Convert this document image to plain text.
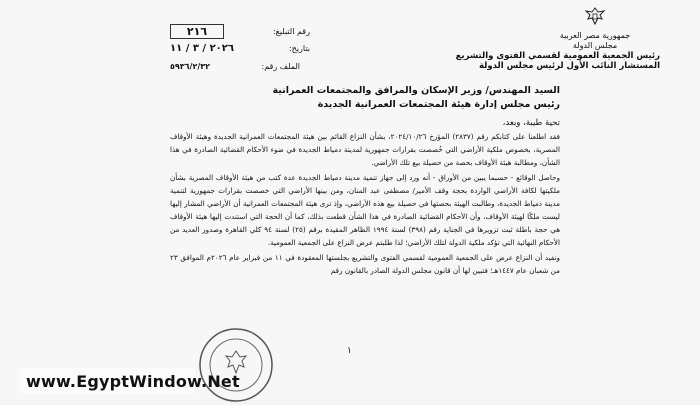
جمهورية مصر العربية
مجلس الدولة
رئيس الجمعية العمومية لقسمي الفتوى والتشريع
المستشار النائب الأول لرئيس مجلس الدولة
رقم التبليغ:
٢١٦
بتاريخ:
٢٠٢٦ / ٣ / ١١
الملف رقم:
٥٩٣٦/٢/٣٢
السيد المهندس/ وزير الإسكان والمرافق والمجتمعات العمرانية
رئيس مجلس إدارة هيئة المجتمعات العمرانية الجديدة
تحية طيبة، وبعد،

فقد اطلعنا على كتابكم رقم (٢٨٣٧) المؤرخ ٢٠٢٤/١٠/٢٦، بشأن النزاع القائم بين هيئة المجتمعات العمرانية الجديدة وهيئة الأوقاف المصرية، بخصوص ملكية الأراضي التي خُصصت بقرارات جمهورية لمدينة دمياط الجديدة في ضوء الأحكام القضائية الصادرة في هذا الشأن، ومطالبة هيئة الأوقاف بحصة من حصيلة بيع تلك الأراضي.

وحاصل الوقائع - حسبما يبين من الأوراق - أنه ورد إلى جهاز تنمية مدينة دمياط الجديدة عدة كتب من هيئة الأوقاف المصرية بشأن ملكيتها لكافة الأراضي الواردة بحجة وقف الأمير/ مصطفى عبد المنان، ومن بينها الأراضي التي خصصت بقرارات جمهورية لتنمية مدينة دمياط الجديدة، وطالبت الهيئة بحصتها في حصيلة بيع هذه الأراضي، وإذ ترى هيئة المجتمعات العمرانية أن الأراضي المشار إليها ليست ملكًا لهيئة الأوقاف، وأن الأحكام القضائية الصادرة في هذا الشأن قطعت بذلك، كما أن الحجة التي استندت إليها هيئة الأوقاف هي حجة باطلة ثبت تزويرها في الجناية رقم (٣٩٨) لسنة ١٩٩٤ الظاهر المقيدة برقم (٢٥) لسنة ٩٤ كلي القاهرة وصدور العديد من الأحكام النهائية التي تؤكد ملكية الدولة لتلك الأراضي؛ لذا طلبتم عرض النزاع على الجمعية العمومية.

ونفيد أن النزاع عرض على الجمعية العمومية لقسمي الفتوى والتشريع بجلستها المعقودة في ١١ من فبراير عام ٢٠٢٦م الموافق ٢٣ من شعبان عام ١٤٤٧هـ؛ فتبين لها أن قانون مجلس الدولة الصادر بالقانون رقم

١
www.EgyptWindow.Net
